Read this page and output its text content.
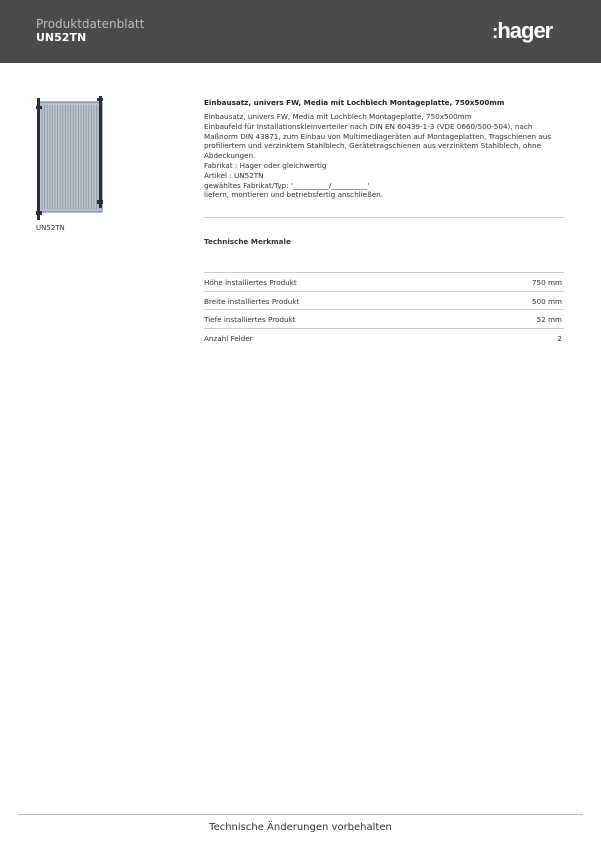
Produktdatenblatt
UN52TN	:hager
UN52TN
Einbausatz, univers FW, Media mit Lochblech Montageplatte, 750x500mm
Einbausatz, univers FW, Media mit Lochblech Montageplatte, 750x500mm
Einbaufeld für Installationskleinverteiler nach DIN EN 60439-1-3 (VDE 0660/500-504), nach
Maßnorm DIN 43871, zum Einbau von Multimediageräten auf Montageplatten, Tragschienen aus
profiliertem und verzinktem Stahlblech, Gerätetragschienen aus verzinktem Stahlblech, ohne
Abdeckungen.
Fabrikat : Hager oder gleichwertig
Artikel : UN52TN
gewähltes Fabrikat/Typ: '__________/__________'
liefern, montieren und betriebsfertig anschließen.
Technische Merkmale
Höhe installiertes Produkt	750 mm
Breite installiertes Produkt	500 mm
Tiefe installiertes Produkt	52 mm
Anzahl Felder	2
Technische Änderungen vorbehalten
